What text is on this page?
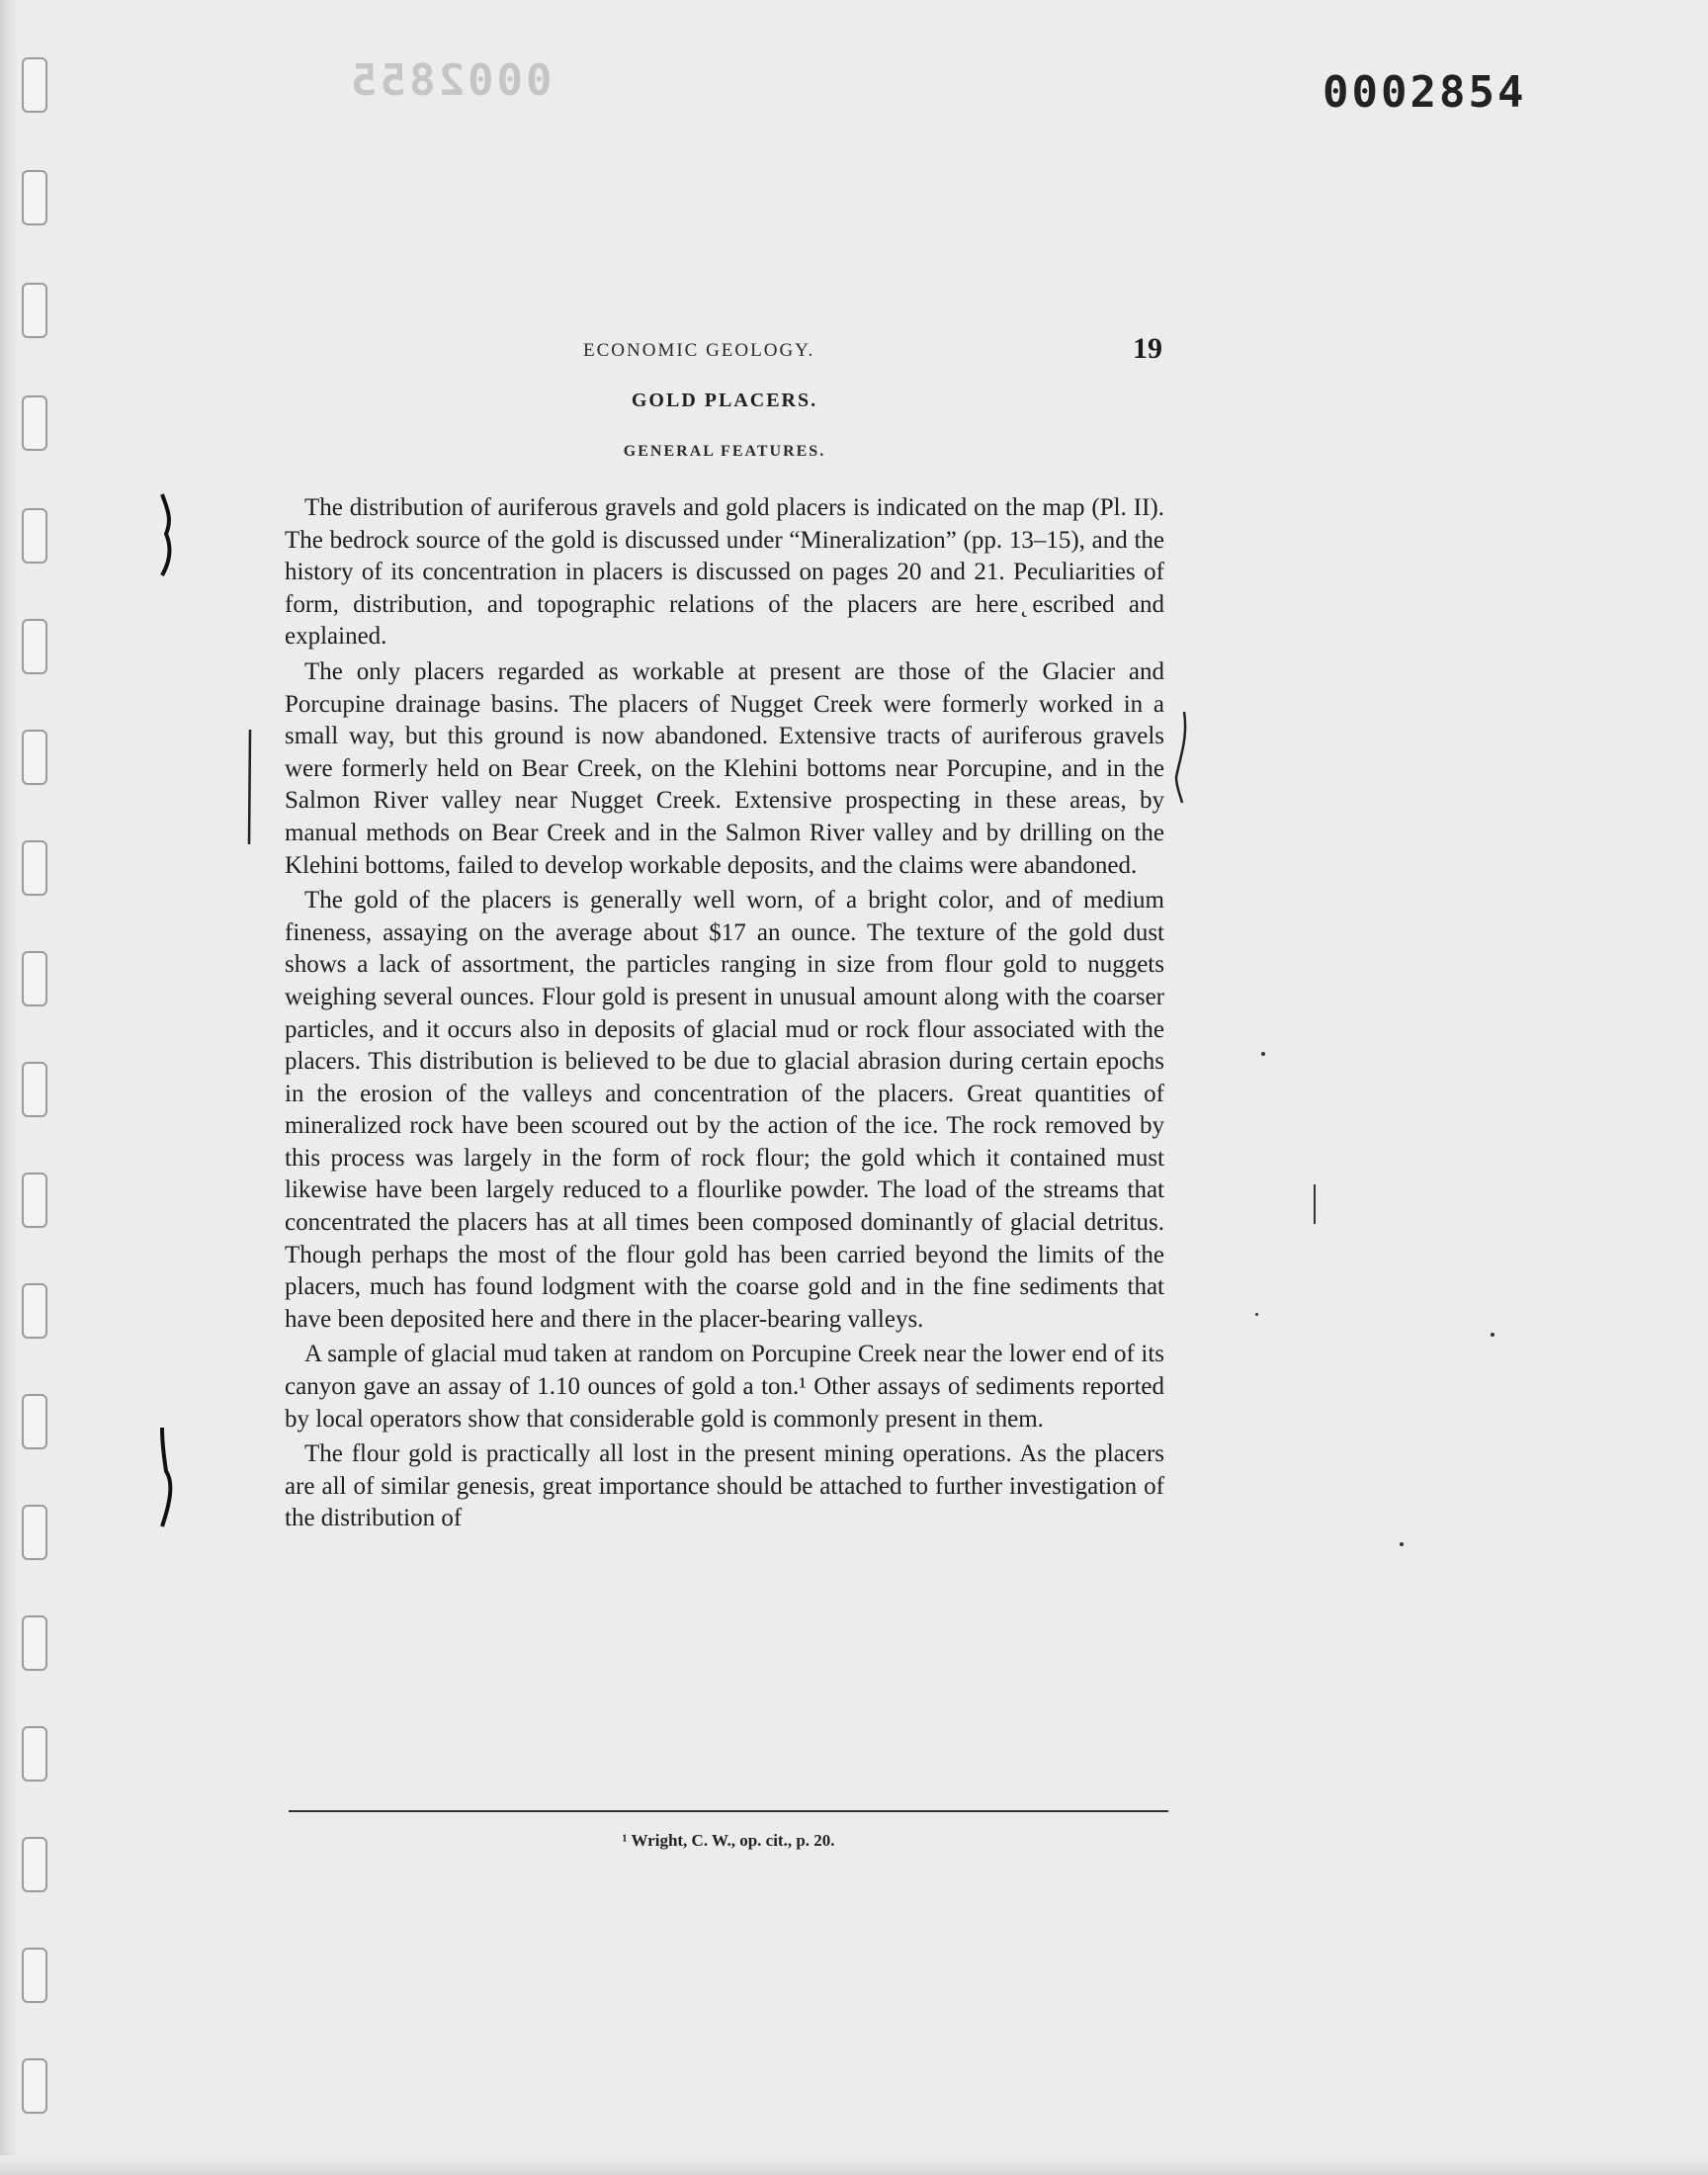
0002855	0002854
ECONOMIC GEOLOGY.	19
GOLD PLACERS.
GENERAL FEATURES.

The distribution of auriferous gravels and gold placers is indicated on the map (Pl. II). The bedrock source of the gold is discussed under “Mineralization” (pp. 13–15), and the history of its concentration in placers is discussed on pages 20 and 21. Peculiarities of form, distribution, and topographic relations of the placers are here ̨escribed and explained.

The only placers regarded as workable at present are those of the Glacier and Porcupine drainage basins. The placers of Nugget Creek were formerly worked in a small way, but this ground is now abandoned. Extensive tracts of auriferous gravels were formerly held on Bear Creek, on the Klehini bottoms near Porcupine, and in the Salmon River valley near Nugget Creek. Extensive prospecting in these areas, by manual methods on Bear Creek and in the Salmon River valley and by drilling on the Klehini bottoms, failed to develop workable deposits, and the claims were abandoned.

The gold of the placers is generally well worn, of a bright color, and of medium fineness, assaying on the average about $17 an ounce. The texture of the gold dust shows a lack of assortment, the particles ranging in size from flour gold to nuggets weighing several ounces. Flour gold is present in unusual amount along with the coarser particles, and it occurs also in deposits of glacial mud or rock flour associated with the placers. This distribution is believed to be due to glacial abrasion during certain epochs in the erosion of the valleys and concentration of the placers. Great quantities of mineralized rock have been scoured out by the action of the ice. The rock removed by this process was largely in the form of rock flour; the gold which it contained must likewise have been largely reduced to a flourlike powder. The load of the streams that concentrated the placers has at all times been composed dominantly of glacial detritus. Though perhaps the most of the flour gold has been carried beyond the limits of the placers, much has found lodgment with the coarse gold and in the fine sediments that have been deposited here and there in the placer-bearing valleys.

A sample of glacial mud taken at random on Porcupine Creek near the lower end of its canyon gave an assay of 1.10 ounces of gold a ton.¹ Other assays of sediments reported by local operators show that considerable gold is commonly present in them.

The flour gold is practically all lost in the present mining operations. As the placers are all of similar genesis, great importance should be attached to further investigation of the distribution of

¹ Wright, C. W., op. cit., p. 20.
